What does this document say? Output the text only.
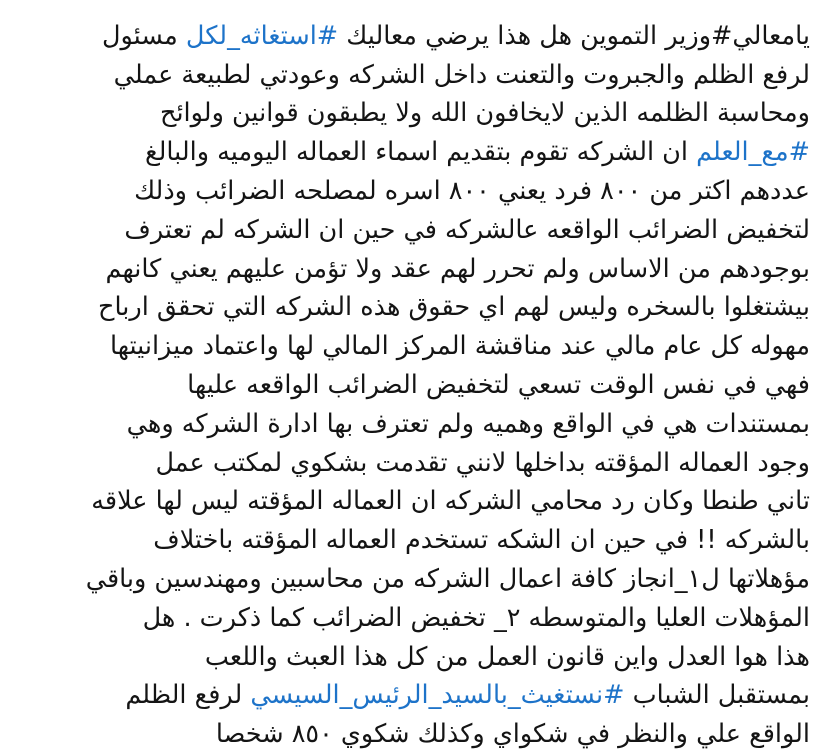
يامعالي#وزير التموين هل هذا يرضي معاليك #استغاثه_لكل مسئول
لرفع الظلم والجبروت والتعنت داخل الشركه وعودتي لطبيعة عملي
ومحاسبة الظلمه الذين لايخافون الله ولا يطبقون قوانين ولوائح
#مع_العلم ان الشركه تقوم بتقديم اسماء العماله اليوميه والبالغ
عددهم اكتر من ٨٠٠ فرد يعني ٨٠٠ اسره لمصلحه الضرائب وذلك
لتخفيض الضرائب الواقعه عالشركه في حين ان الشركه لم تعترف
بوجودهم من الاساس ولم تحرر لهم عقد ولا تؤمن عليهم يعني كانهم
بيشتغلوا بالسخره وليس لهم اي حقوق هذه الشركه التي تحقق ارباح
مهوله كل عام مالي عند مناقشة المركز المالي لها واعتماد ميزانيتها
فهي في نفس الوقت تسعي لتخفيض الضرائب الواقعه عليها
بمستندات هي في الواقع وهميه ولم تعترف بها ادارة الشركه وهي
وجود العماله المؤقته بداخلها لانني تقدمت بشكوي لمكتب عمل
تاني طنطا وكان رد محامي الشركه ان العماله المؤقته ليس لها علاقه
بالشركه !! في حين ان الشكه تستخدم العماله المؤقته باختلاف
مؤهلاتها ل١_انجاز كافة اعمال الشركه من محاسبين ومهندسين وباقي
المؤهلات العليا والمتوسطه ٢_ تخفيض الضرائب كما ذكرت . هل
هذا هوا العدل واين قانون العمل من كل هذا العبث واللعب
بمستقبل الشباب #نستغيث_بالسيد_الرئيس_السيسي لرفع الظلم
الواقع علي والنظر في شكواي وكذلك شكوي ٨٥٠ شخصا
